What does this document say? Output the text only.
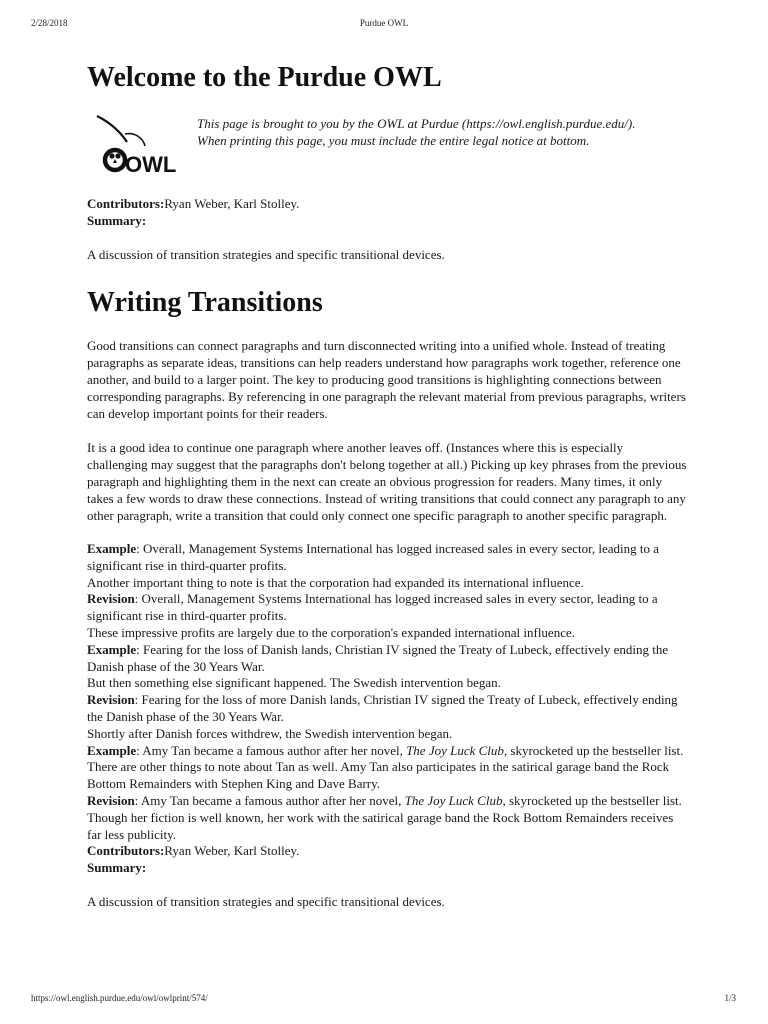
2/28/2018	Purdue OWL
Welcome to the Purdue OWL
OWL
This page is brought to you by the OWL at Purdue (https://owl.english.purdue.edu/).
When printing this page, you must include the entire legal notice at bottom.

Contributors:Ryan Weber, Karl Stolley.

Summary:

A discussion of transition strategies and specific transitional devices.

Writing Transitions

Good transitions can connect paragraphs and turn disconnected writing into a unified whole. Instead of treating paragraphs as separate ideas, transitions can help readers understand how paragraphs work together, reference one another, and build to a larger point. The key to producing good transitions is highlighting connections between corresponding paragraphs. By referencing in one paragraph the relevant material from previous paragraphs, writers can develop important points for their readers.

It is a good idea to continue one paragraph where another leaves off. (Instances where this is especially challenging may suggest that the paragraphs don't belong together at all.) Picking up key phrases from the previous paragraph and highlighting them in the next can create an obvious progression for readers. Many times, it only takes a few words to draw these connections. Instead of writing transitions that could connect any paragraph to any other paragraph, write a transition that could only connect one specific paragraph to another specific paragraph.

Example: Overall, Management Systems International has logged increased sales in every sector, leading to a significant rise in third-quarter profits.

Another important thing to note is that the corporation had expanded its international influence.

Revision: Overall, Management Systems International has logged increased sales in every sector, leading to a significant rise in third-quarter profits.

These impressive profits are largely due to the corporation's expanded international influence.

Example: Fearing for the loss of Danish lands, Christian IV signed the Treaty of Lubeck, effectively ending the Danish phase of the 30 Years War.

But then something else significant happened. The Swedish intervention began.

Revision: Fearing for the loss of more Danish lands, Christian IV signed the Treaty of Lubeck, effectively ending the Danish phase of the 30 Years War.

Shortly after Danish forces withdrew, the Swedish intervention began.

Example: Amy Tan became a famous author after her novel, The Joy Luck Club, skyrocketed up the bestseller list.

There are other things to note about Tan as well. Amy Tan also participates in the satirical garage band the Rock Bottom Remainders with Stephen King and Dave Barry.

Revision: Amy Tan became a famous author after her novel, The Joy Luck Club, skyrocketed up the bestseller list.

Though her fiction is well known, her work with the satirical garage band the Rock Bottom Remainders receives far less publicity.

Contributors:Ryan Weber, Karl Stolley.

Summary:

A discussion of transition strategies and specific transitional devices.

https://owl.english.purdue.edu/owl/owlprint/574/	1/3
